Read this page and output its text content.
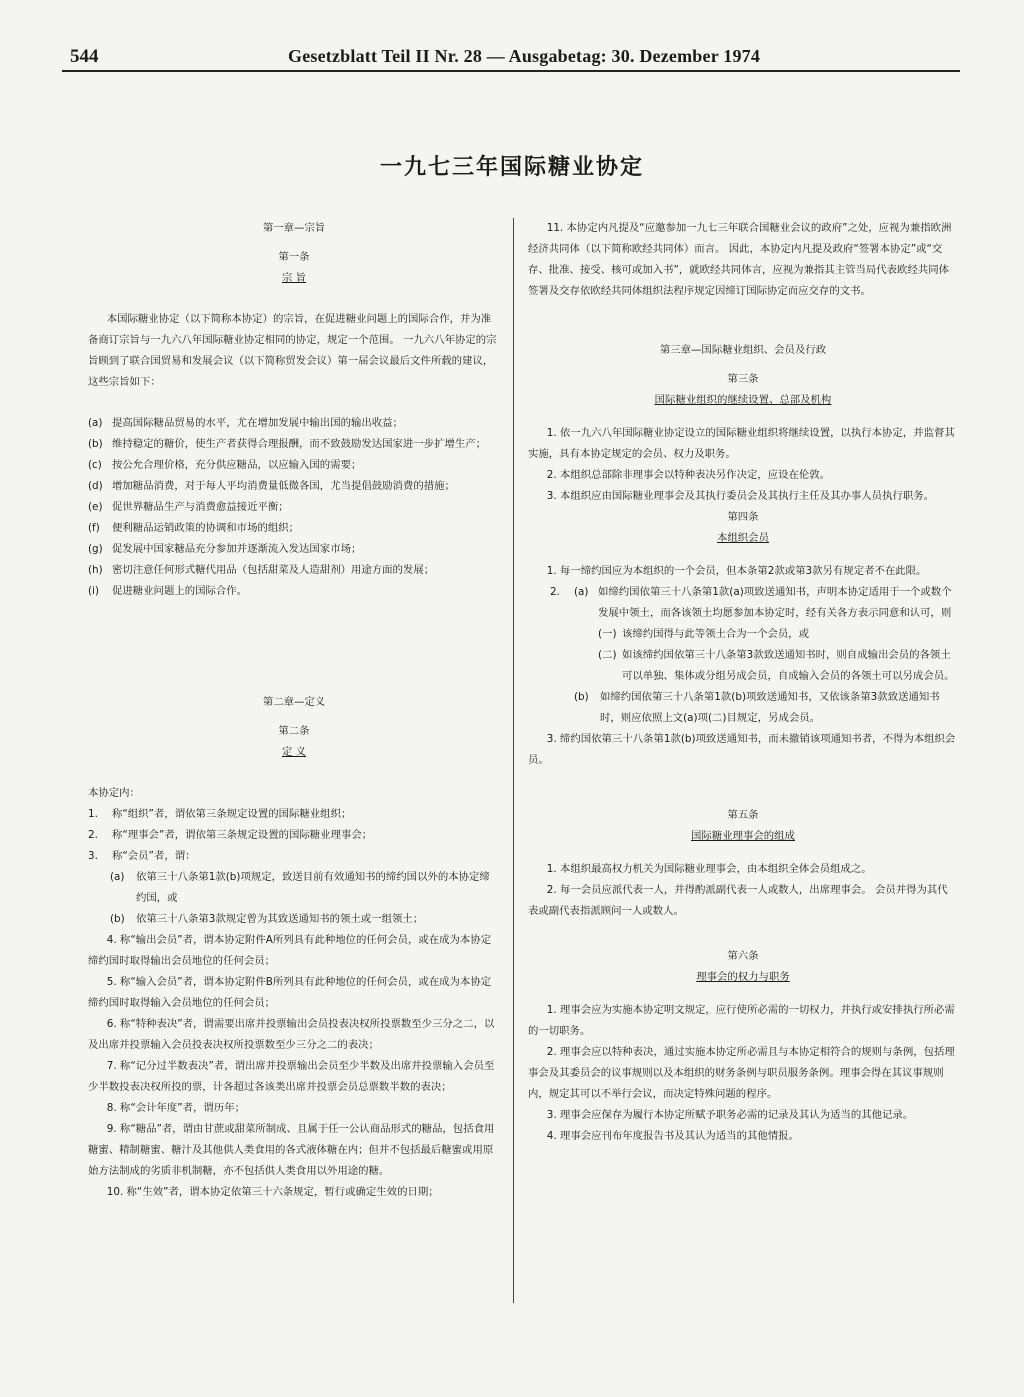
544	Gesetzblatt Teil II Nr. 28 — Ausgabetag: 30. Dezember 1974
一九七三年国际糖业协定
第一章—宗旨
第一条
宗 旨
本国际糖业协定（以下简称本协定）的宗旨，在促进糖业问题上的国际合作，并为准备商订宗旨与一九六八年国际糖业协定相同的协定，规定一个范围。 一九六八年协定的宗旨顾到了联合国贸易和发展会议（以下简称贸发会议）第一届会议最后文件所载的建议，这些宗旨如下：
(a) 提高国际糖品贸易的水平，尤在增加发展中输出国的输出收益；
(b) 维持稳定的糖价，使生产者获得合理报酬，而不致鼓励发达国家进一步扩增生产；
(c) 按公允合理价格，充分供应糖品，以应输入国的需要；
(d) 增加糖品消费，对于每人平均消费量低微各国，尤当提倡鼓励消费的措施；
(e) 促世界糖品生产与消费愈益接近平衡；
(f)	便利糖品运销政策的协调和市场的组织；
(g) 促发展中国家糖品充分参加并逐渐流入发达国家市场；
(h) 密切注意任何形式糖代用品（包括甜菜及人造甜剂）用途方面的发展；
(i)	促进糖业问题上的国际合作。
第二章—定义
第二条
定 义
本协定内：
1.	称“组织”者，谓依第三条规定设置的国际糖业组织；
2.	称“理事会”者，谓依第三条规定设置的国际糖业理事会；
3.	称“会员”者，谓：
(a)	依第三十八条第1款(b)项规定，致送目前有效通知书的缔约国以外的本协定缔约国，或
(b)	依第三十八条第3款规定曾为其致送通知书的领土或一组领土；
4. 称“输出会员”者，谓本协定附件A所列具有此种地位的任何会员，或在成为本协定缔约国时取得输出会员地位的任何会员；
5. 称“输入会员”者，谓本协定附件B所列具有此种地位的任何会员，或在成为本协定缔约国时取得输入会员地位的任何会员；
6. 称“特种表决”者，谓需要出席并投票输出会员投表决权所投票数至少三分之二，以及出席并投票输入会员投表决权所投票数至少三分之二的表决；
7. 称“记分过半数表决”者，谓出席并投票输出会员至少半数及出席并投票输入会员至少半数投表决权所投的票，计各超过各该类出席并投票会员总票数半数的表决；
8. 称“会计年度”者，谓历年；
9. 称“糖品”者，谓由甘蔗或甜菜所制成、且属于任一公认商品形式的糖品，包括食用糖蜜、精制糖蜜、糖汁及其他供人类食用的各式液体糖在内；但并不包括最后糖蜜或用原始方法制成的劣质非机制糖，亦不包括供人类食用以外用途的糖。
10. 称“生效”者，谓本协定依第三十六条规定，暂行或确定生效的日期；
11. 本协定内凡提及“应邀参加一九七三年联合国糖业会议的政府”之处，应视为兼指欧洲经济共同体（以下简称欧经共同体）而言。 因此，本协定内凡提及政府“签署本协定”或“交存、批准、接受、核可或加入书”，就欧经共同体言，应视为兼指其主管当局代表欧经共同体签署及交存依欧经共同体组织法程序规定因缔订国际协定而应交存的文书。
第三章—国际糖业组织、会员及行政
第三条
国际糖业组织的继续设置、总部及机构
1. 依一九六八年国际糖业协定设立的国际糖业组织将继续设置，以执行本协定，并监督其实施，具有本协定规定的会员、权力及职务。
2. 本组织总部除非理事会以特种表决另作决定，应设在伦敦。
3. 本组织应由国际糖业理事会及其执行委员会及其执行主任及其办事人员执行职务。
第四条
本组织会员
1. 每一缔约国应为本组织的一个会员，但本条第2款或第3款另有规定者不在此限。
2.	(a) 如缔约国依第三十八条第1款(a)项致送通知书，声明本协定适用于一个或数个发展中领土，而各该领土均愿参加本协定时，经有关各方表示同意和认可，则
(一) 该缔约国得与此等领土合为一个会员，或
(二) 如该缔约国依第三十八条第3款致送通知书时，则自成输出会员的各领土可以单独、集体或分组另成会员，自成输入会员的各领土可以另成会员。
(b)	如缔约国依第三十八条第1款(b)项致送通知书，又依该条第3款致送通知书时，则应依照上文(a)项(二)目规定，另成会员。
3. 缔约国依第三十八条第1款(b)项致送通知书，而未撤销该项通知书者，不得为本组织会员。
第五条
国际糖业理事会的组成
1. 本组织最高权力机关为国际糖业理事会，由本组织全体会员组成之。
2. 每一会员应派代表一人，并得酌派副代表一人或数人，出席理事会。 会员并得为其代表或副代表指派顾问一人或数人。
第六条
理事会的权力与职务
1. 理事会应为实施本协定明文规定，应行使所必需的一切权力，并执行或安排执行所必需的一切职务。
2. 理事会应以特种表决，通过实施本协定所必需且与本协定相符合的规则与条例，包括理事会及其委员会的议事规则以及本组织的财务条例与职员服务条例。理事会得在其议事规则内，规定其可以不举行会议，而决定特殊问题的程序。
3. 理事会应保存为履行本协定所赋予职务必需的记录及其认为适当的其他记录。
4. 理事会应刊布年度报告书及其认为适当的其他情报。
